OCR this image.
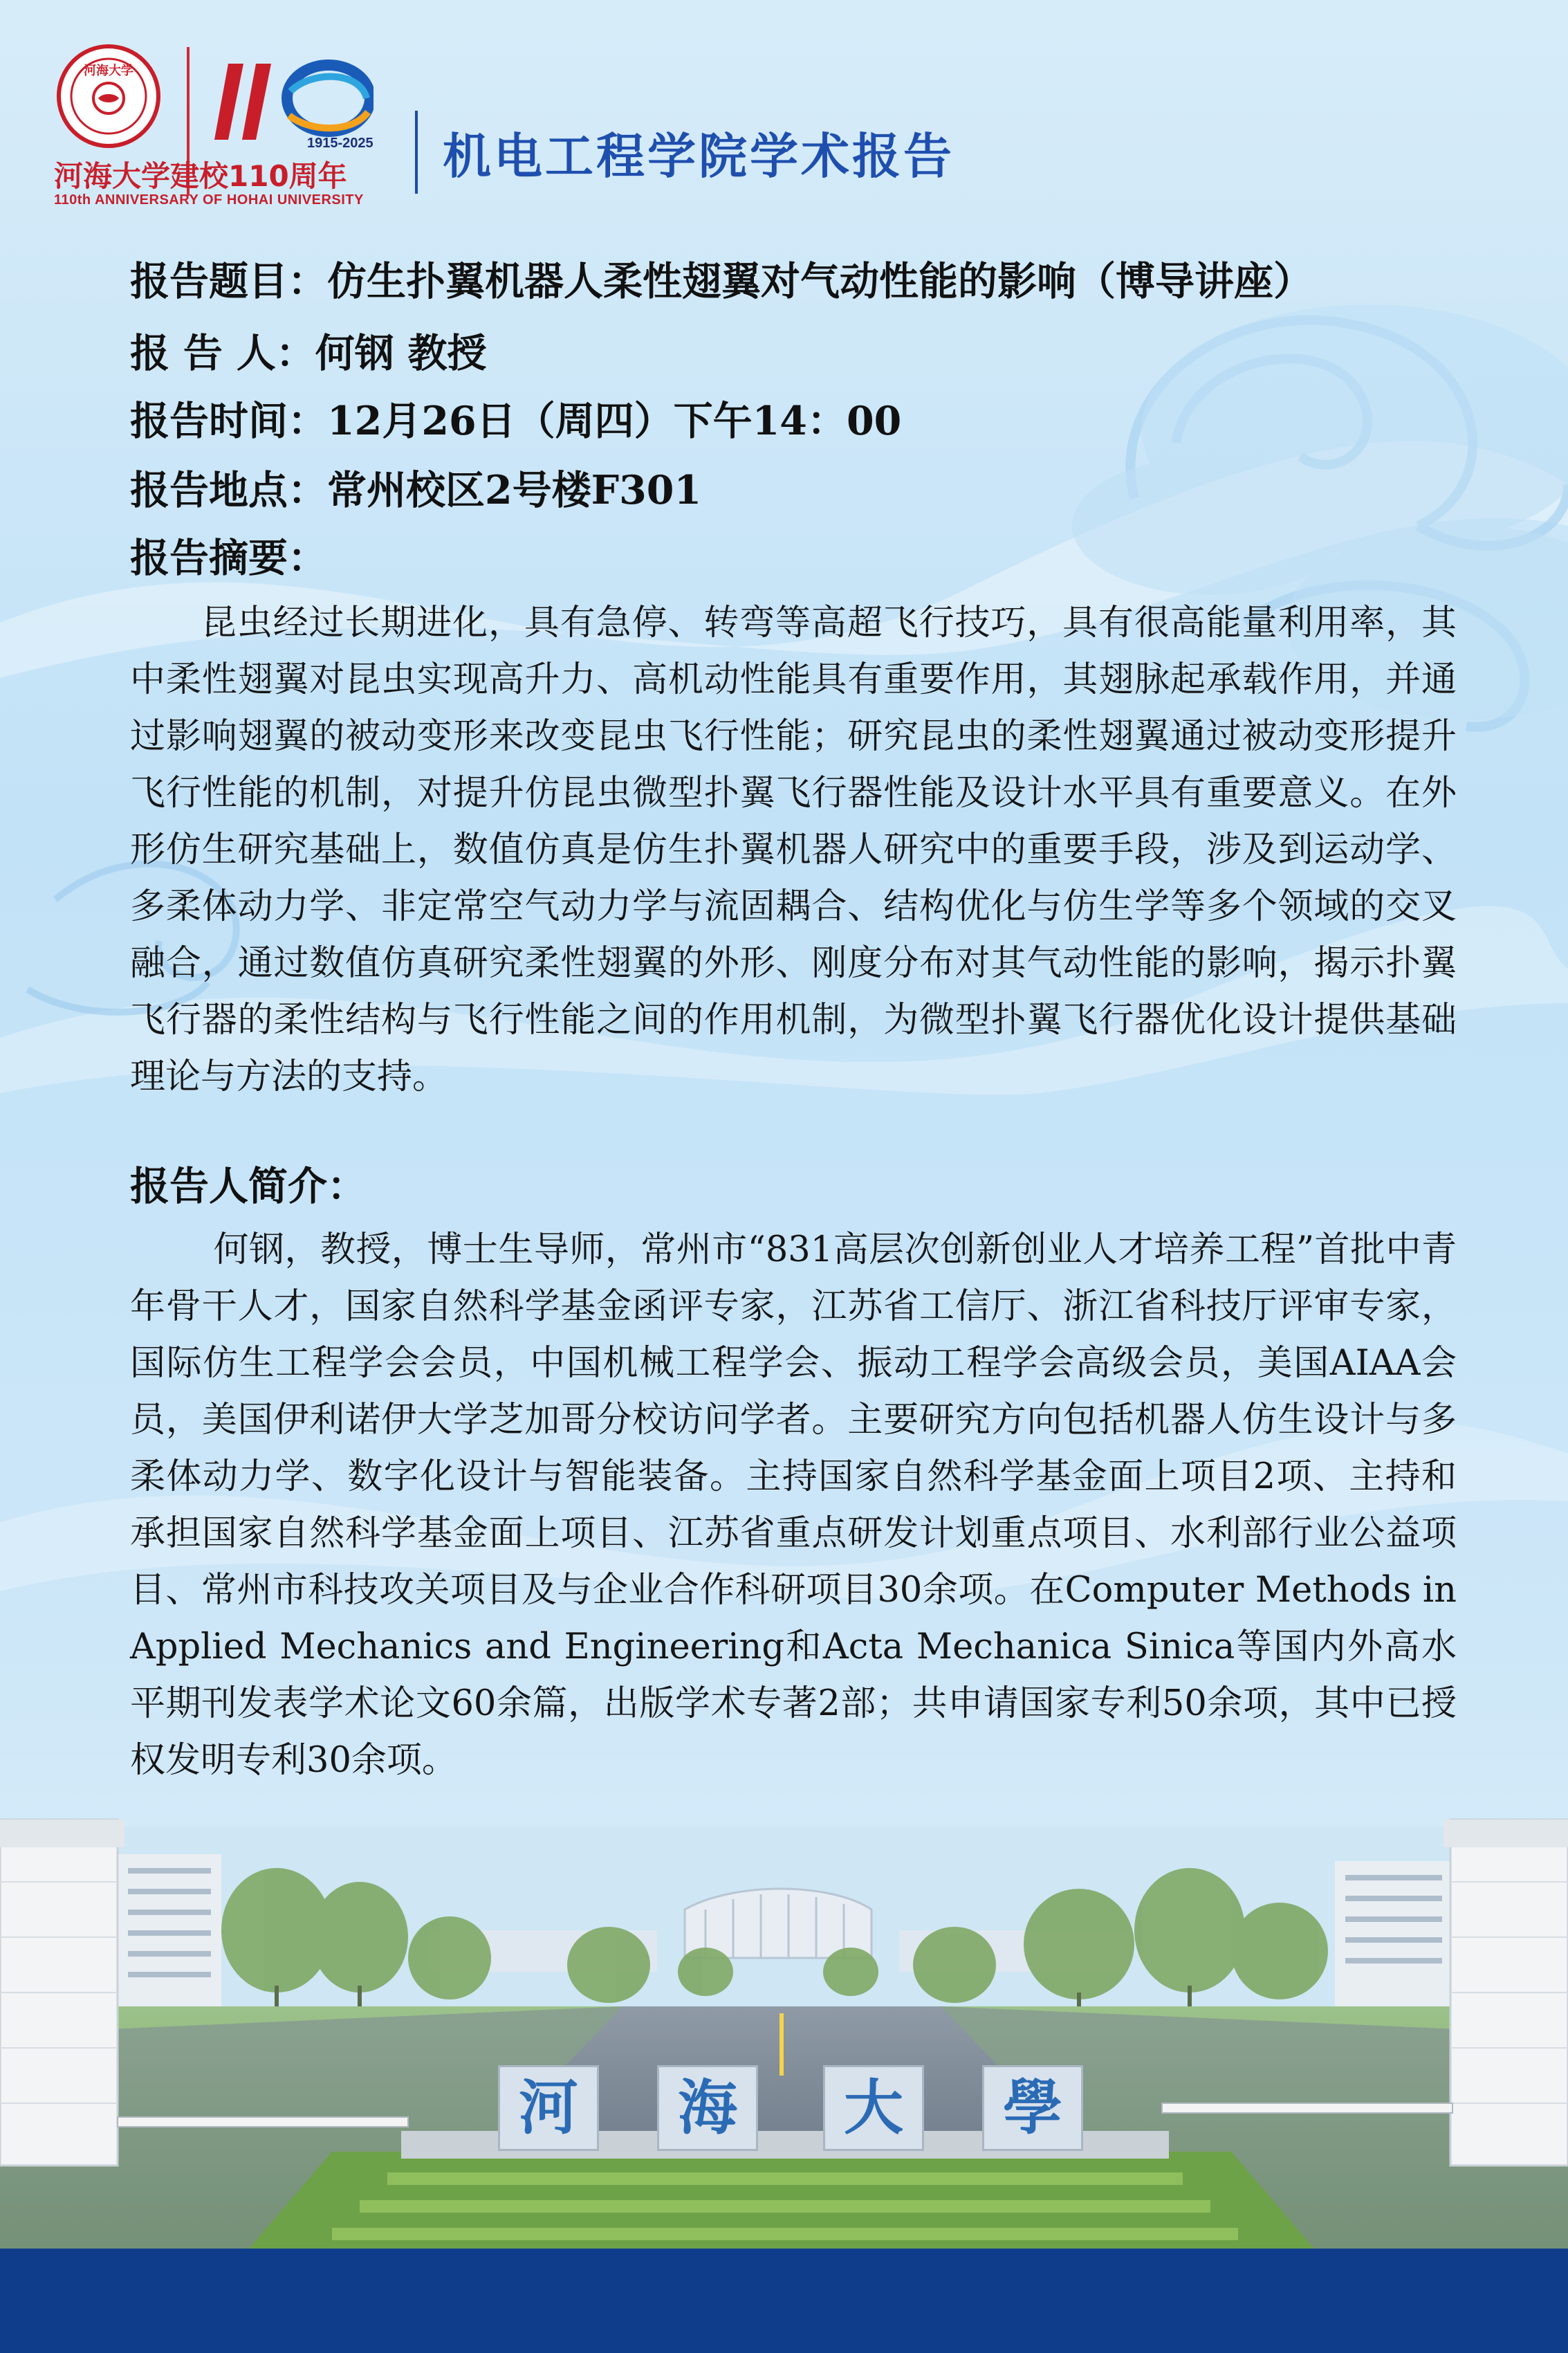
河海大学
1915-2025
河海大学建校110周年
110th ANNIVERSARY OF HOHAI UNIVERSITY
机电工程学院学术报告
报告题目：仿生扑翼机器人柔性翅翼对气动性能的影响（博导讲座）
报 告 人：何钢 教授
报告时间：12月26日（周四）下午14：00
报告地点：常州校区2号楼F301
报告摘要：
昆虫经过长期进化，具有急停、转弯等高超飞行技巧，具有很高能量利用率，其中柔性翅翼对昆虫实现高升力、高机动性能具有重要作用，其翅脉起承载作用，并通过影响翅翼的被动变形来改变昆虫飞行性能；研究昆虫的柔性翅翼通过被动变形提升飞行性能的机制，对提升仿昆虫微型扑翼飞行器性能及设计水平具有重要意义。在外形仿生研究基础上，数值仿真是仿生扑翼机器人研究中的重要手段，涉及到运动学、多柔体动力学、非定常空气动力学与流固耦合、结构优化与仿生学等多个领域的交叉融合，通过数值仿真研究柔性翅翼的外形、刚度分布对其气动性能的影响，揭示扑翼飞行器的柔性结构与飞行性能之间的作用机制，为微型扑翼飞行器优化设计提供基础理论与方法的支持。
报告人简介：
何钢，教授，博士生导师，常州市“831高层次创新创业人才培养工程”首批中青年骨干人才，国家自然科学基金函评专家，江苏省工信厅、浙江省科技厅评审专家，国际仿生工程学会会员，中国机械工程学会、振动工程学会高级会员，美国AIAA会员，美国伊利诺伊大学芝加哥分校访问学者。主要研究方向包括机器人仿生设计与多柔体动力学、数字化设计与智能装备。主持国家自然科学基金面上项目2项、主持和承担国家自然科学基金面上项目、江苏省重点研发计划重点项目、水利部行业公益项目、常州市科技攻关项目及与企业合作科研项目30余项。在Computer Methods in Applied Mechanics and Engineering和Acta Mechanica Sinica等国内外高水平期刊发表学术论文60余篇，出版学术专著2部；共申请国家专利50余项，其中已授权发明专利30余项。
河	海	大	學
